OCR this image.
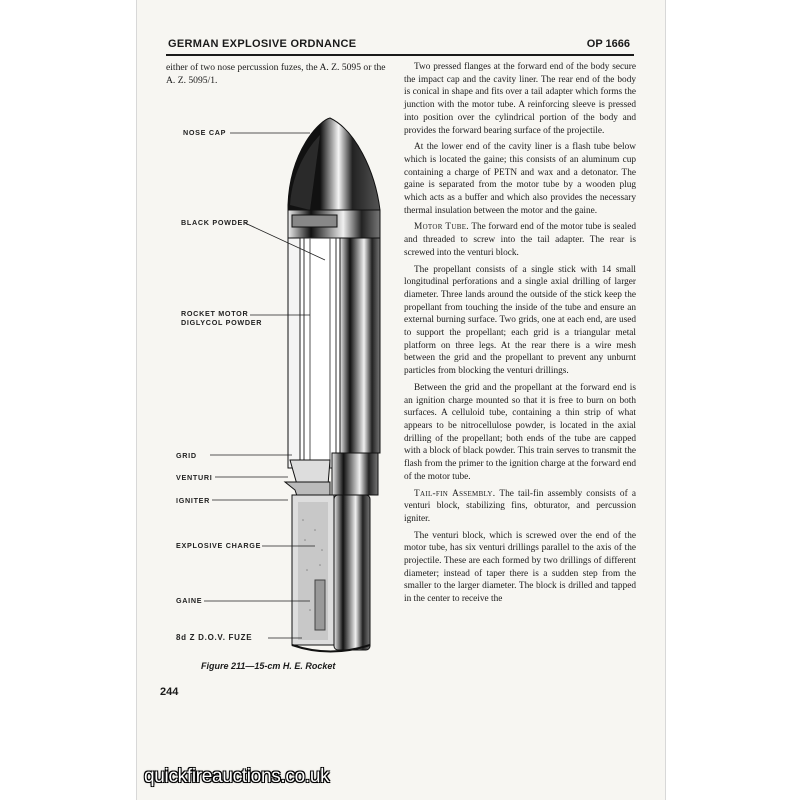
GERMAN EXPLOSIVE ORDNANCE	OP 1666
either of two nose percussion fuzes, the A. Z. 5095 or the A. Z. 5095/1.
NOSE CAP
BLACK POWDER
ROCKET MOTOR
DIGLYCOL POWDER
GRID
VENTURI
IGNITER
EXPLOSIVE CHARGE
GAINE
8d Z D.O.V. FUZE
Figure 211—15-cm H. E. Rocket

Two pressed flanges at the forward end of the body secure the impact cap and the cavity liner. The rear end of the body is conical in shape and fits over a tail adapter which forms the junction with the motor tube. A reinforcing sleeve is pressed into position over the cylindrical portion of the body and provides the forward bearing surface of the projectile.

At the lower end of the cavity liner is a flash tube below which is located the gaine; this consists of an aluminum cup containing a charge of PETN and wax and a detonator. The gaine is separated from the motor tube by a wooden plug which acts as a buffer and which also provides the necessary thermal insulation between the motor and the gaine.

Motor Tube. The forward end of the motor tube is sealed and threaded to screw into the tail adapter. The rear is screwed into the venturi block.

The propellant consists of a single stick with 14 small longitudinal perforations and a single axial drilling of larger diameter. Three lands around the outside of the stick keep the propellant from touching the inside of the tube and ensure an external burning surface. Two grids, one at each end, are used to support the propellant; each grid is a triangular metal platform on three legs. At the rear there is a wire mesh between the grid and the propellant to prevent any unburnt particles from blocking the venturi drillings.

Between the grid and the propellant at the forward end is an ignition charge mounted so that it is free to burn on both surfaces. A celluloid tube, containing a thin strip of what appears to be nitrocellulose powder, is located in the axial drilling of the propellant; both ends of the tube are capped with a block of black powder. This train serves to transmit the flash from the primer to the ignition charge at the forward end of the motor tube.

Tail-fin Assembly. The tail-fin assembly consists of a venturi block, stabilizing fins, obturator, and percussion igniter.

The venturi block, which is screwed over the end of the motor tube, has six venturi drillings parallel to the axis of the projectile. These are each formed by two drillings of different diameter; instead of taper there is a sudden step from the smaller to the larger diameter. The block is drilled and tapped in the center to receive the

244
quickfireauctions.co.uk
